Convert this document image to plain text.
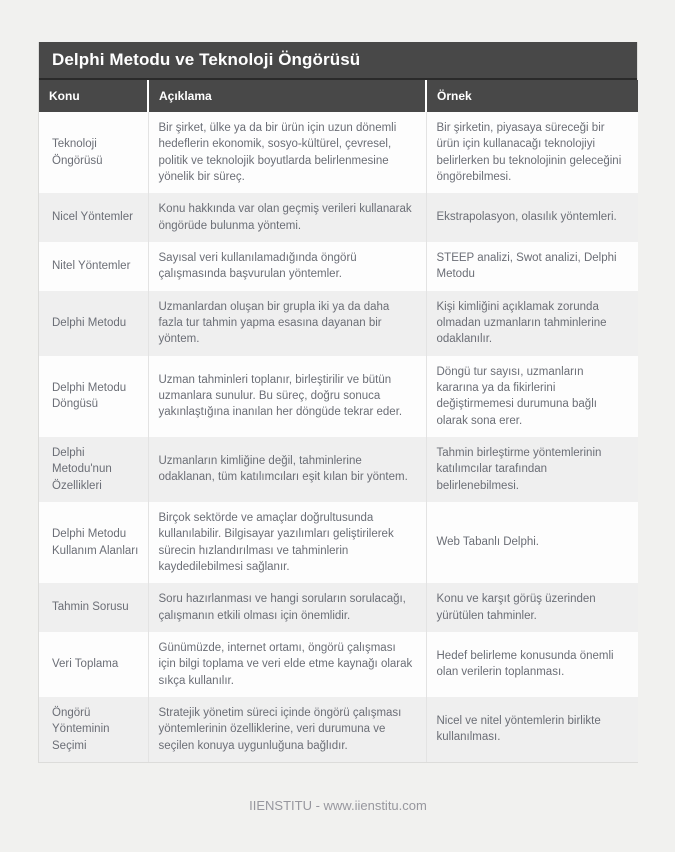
Delphi Metodu ve Teknoloji Öngörüsü
Konu	Açıklama	Örnek
Teknoloji Öngörüsü	Bir şirket, ülke ya da bir ürün için uzun dönemli hedeflerin ekonomik, sosyo-kültürel, çevresel, politik ve teknolojik boyutlarda belirlenmesine yönelik bir süreç.	Bir şirketin, piyasaya süreceği bir ürün için kullanacağı teknolojiyi belirlerken bu teknolojinin geleceğini öngörebilmesi.
Nicel Yöntemler	Konu hakkında var olan geçmiş verileri kullanarak öngörüde bulunma yöntemi.	Ekstrapolasyon, olasılık yöntemleri.
Nitel Yöntemler	Sayısal veri kullanılamadığında öngörü çalışmasında başvurulan yöntemler.	STEEP analizi, Swot analizi, Delphi Metodu
Delphi Metodu	Uzmanlardan oluşan bir grupla iki ya da daha fazla tur tahmin yapma esasına dayanan bir yöntem.	Kişi kimliğini açıklamak zorunda olmadan uzmanların tahminlerine odaklanılır.
Delphi Metodu Döngüsü	Uzman tahminleri toplanır, birleştirilir ve bütün uzmanlara sunulur. Bu süreç, doğru sonuca yakınlaştığına inanılan her döngüde tekrar eder.	Döngü tur sayısı, uzmanların kararına ya da fikirlerini değiştirmemesi durumuna bağlı olarak sona erer.
Delphi Metodu'nun Özellikleri	Uzmanların kimliğine değil, tahminlerine odaklanan, tüm katılımcıları eşit kılan bir yöntem.	Tahmin birleştirme yöntemlerinin katılımcılar tarafından belirlenebilmesi.
Delphi Metodu Kullanım Alanları	Birçok sektörde ve amaçlar doğrultusunda kullanılabilir. Bilgisayar yazılımları geliştirilerek sürecin hızlandırılması ve tahminlerin kaydedilebilmesi sağlanır.	Web Tabanlı Delphi.
Tahmin Sorusu	Soru hazırlanması ve hangi soruların sorulacağı, çalışmanın etkili olması için önemlidir.	Konu ve karşıt görüş üzerinden yürütülen tahminler.
Veri Toplama	Günümüzde, internet ortamı, öngörü çalışması için bilgi toplama ve veri elde etme kaynağı olarak sıkça kullanılır.	Hedef belirleme konusunda önemli olan verilerin toplanması.
Öngörü Yönteminin Seçimi	Stratejik yönetim süreci içinde öngörü çalışması yöntemlerinin özelliklerine, veri durumuna ve seçilen konuya uygunluğuna bağlıdır.	Nicel ve nitel yöntemlerin birlikte kullanılması.
IIENSTITU - www.iienstitu.com
